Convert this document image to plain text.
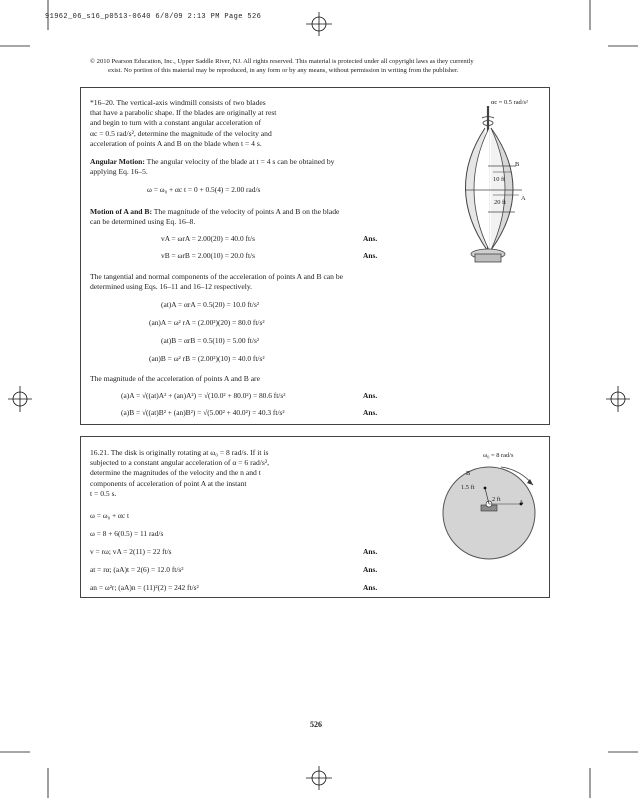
91962_06_s16_p0513-0640 6/8/09 2:13 PM Page 526
© 2010 Pearson Education, Inc., Upper Saddle River, NJ. All rights reserved. This material is protected under all copyright laws as they currently
exist. No portion of this material may be reproduced, in any form or by any means, without permission in writing from the publisher.
*16–20. The vertical-axis windmill consists of two blades
that have a parabolic shape. If the blades are originally at rest
and begin to turn with a constant angular acceleration of
αc = 0.5 rad/s², determine the magnitude of the velocity and
acceleration of points A and B on the blade when t = 4 s.
Angular Motion: The angular velocity of the blade at t = 4 s can be obtained by
applying Eq. 16–5.
ω = ω₀ + αc t = 0 + 0.5(4) = 2.00 rad/s
Motion of A and B: The magnitude of the velocity of points A and B on the blade
can be determined using Eq. 16–8.
vA = ωrA = 2.00(20) = 40.0 ft/s	Ans.
vB = ωrB = 2.00(10) = 20.0 ft/s	Ans.
The tangential and normal components of the acceleration of points A and B can be
determined using Eqs. 16–11 and 16–12 respectively.
(at)A = αrA = 0.5(20) = 10.0 ft/s²
(an)A = ω² rA = (2.00²)(20) = 80.0 ft/s²
(at)B = αrB = 0.5(10) = 5.00 ft/s²
(an)B = ω² rB = (2.00²)(10) = 40.0 ft/s²
The magnitude of the acceleration of points A and B are
(a)A = √((at)A² + (an)A²) = √(10.0² + 80.0²) = 80.6 ft/s²	Ans.
(a)B = √((at)B² + (an)B²) = √(5.00² + 40.0²) = 40.3 ft/s²	Ans.
αc = 0.5 rad/s²
B
A
10 ft
20 ft
16.21. The disk is originally rotating at ω₀ = 8 rad/s. If it is
subjected to a constant angular acceleration of α = 6 rad/s²,
determine the magnitudes of the velocity and the n and t
components of acceleration of point A at the instant
t = 0.5 s.
ω = ω₀ + αc t
ω = 8 + 6(0.5) = 11 rad/s
v = rω; vA = 2(11) = 22 ft/s	Ans.
at = rα; (aA)t = 2(6) = 12.0 ft/s²	Ans.
an = ω²r; (aA)n = (11)²(2) = 242 ft/s²	Ans.
ω₀ = 8 rad/s
B
1.5 ft
2 ft	A
526
